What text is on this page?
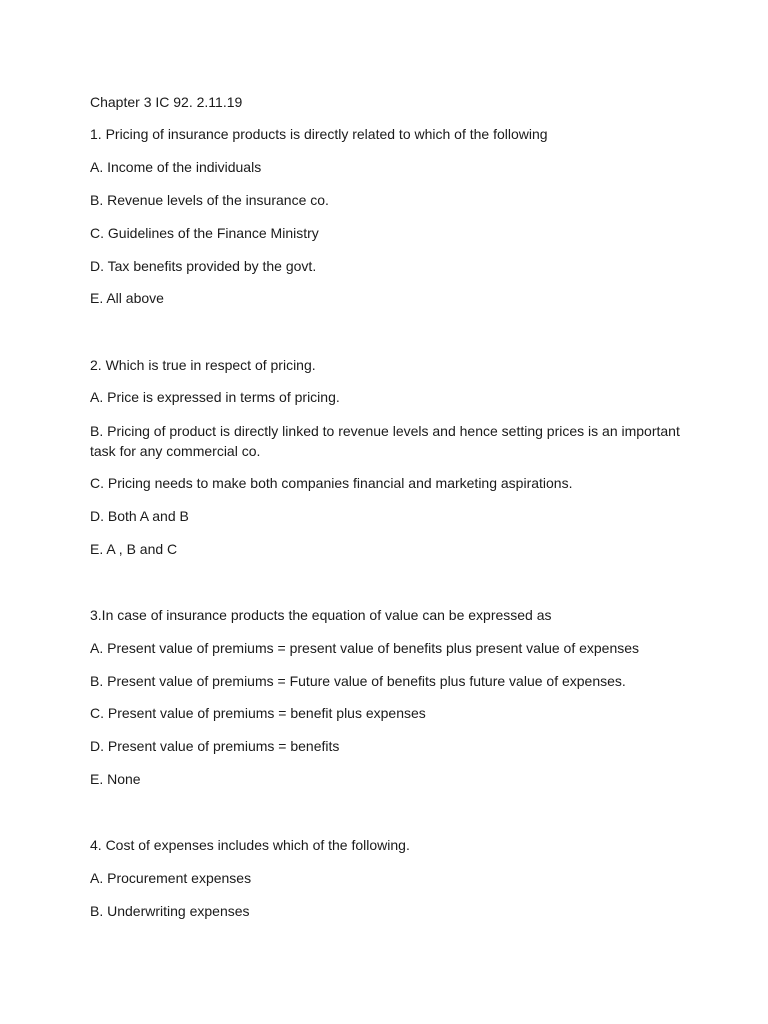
Chapter 3 IC 92. 2.11.19
1. Pricing of insurance products is directly related to which of the following
A. Income of the individuals
B. Revenue levels of the insurance co.
C. Guidelines of the Finance Ministry
D. Tax benefits provided by the govt.
E. All above
2. Which is true in respect of pricing.
A. Price is expressed in terms of pricing.
B. Pricing of product is directly linked to revenue levels and hence setting prices is an important task for any commercial co.
C. Pricing needs to make both companies financial and marketing aspirations.
D. Both A and B
E. A , B and C
3.In case of insurance products the equation of value can be expressed as
A. Present value of premiums = present value of benefits plus present value of expenses
B. Present value of premiums = Future value of benefits plus future value of expenses.
C. Present value of premiums = benefit plus expenses
D. Present value of premiums = benefits
E. None
4. Cost of expenses includes which of the following.
A. Procurement expenses
B. Underwriting expenses
